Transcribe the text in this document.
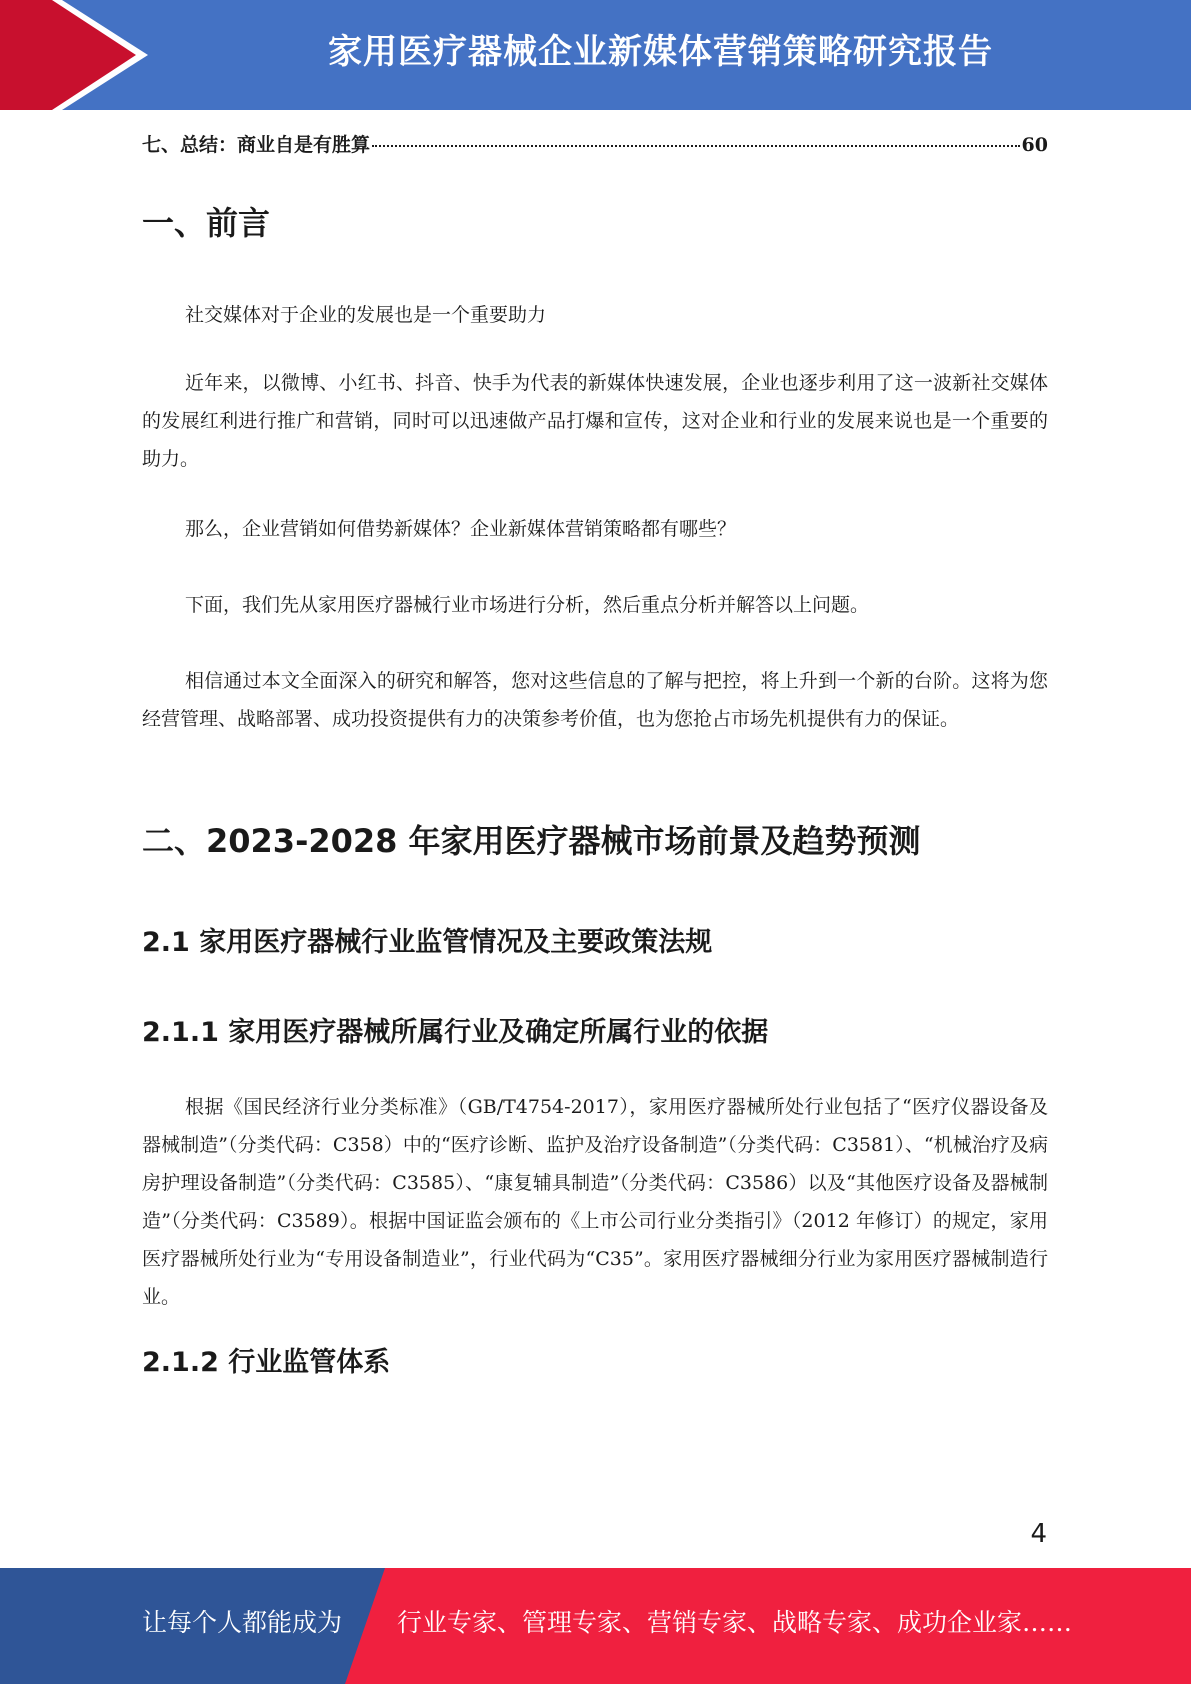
家用医疗器械企业新媒体营销策略研究报告
七、总结：商业自是有胜算	60
一、前言

社交媒体对于企业的发展也是一个重要助力

近年来，以微博、小红书、抖音、快手为代表的新媒体快速发展，企业也逐步利用了这一波新社交媒体的发展红利进行推广和营销，同时可以迅速做产品打爆和宣传，这对企业和行业的发展来说也是一个重要的助力。

那么，企业营销如何借势新媒体？企业新媒体营销策略都有哪些？

下面，我们先从家用医疗器械行业市场进行分析，然后重点分析并解答以上问题。

相信通过本文全面深入的研究和解答，您对这些信息的了解与把控，将上升到一个新的台阶。这将为您经营管理、战略部署、成功投资提供有力的决策参考价值，也为您抢占市场先机提供有力的保证。

二、2023-2028 年家用医疗器械市场前景及趋势预测
2.1 家用医疗器械行业监管情况及主要政策法规
2.1.1 家用医疗器械所属行业及确定所属行业的依据

根据《国民经济行业分类标准》（GB/T4754-2017），家用医疗器械所处行业包括了“医疗仪器设备及器械制造”（分类代码：C358）中的“医疗诊断、监护及治疗设备制造”（分类代码：C3581）、“机械治疗及病房护理设备制造”（分类代码：C3585）、“康复辅具制造”（分类代码：C3586）以及“其他医疗设备及器械制造”（分类代码：C3589）。根据中国证监会颁布的《上市公司行业分类指引》（2012 年修订）的规定，家用医疗器械所处行业为“专用设备制造业”，行业代码为“C35”。家用医疗器械细分行业为家用医疗器械制造行业。

2.1.2 行业监管体系
4
让每个人都能成为 行业专家、管理专家、营销专家、战略专家、成功企业家……
